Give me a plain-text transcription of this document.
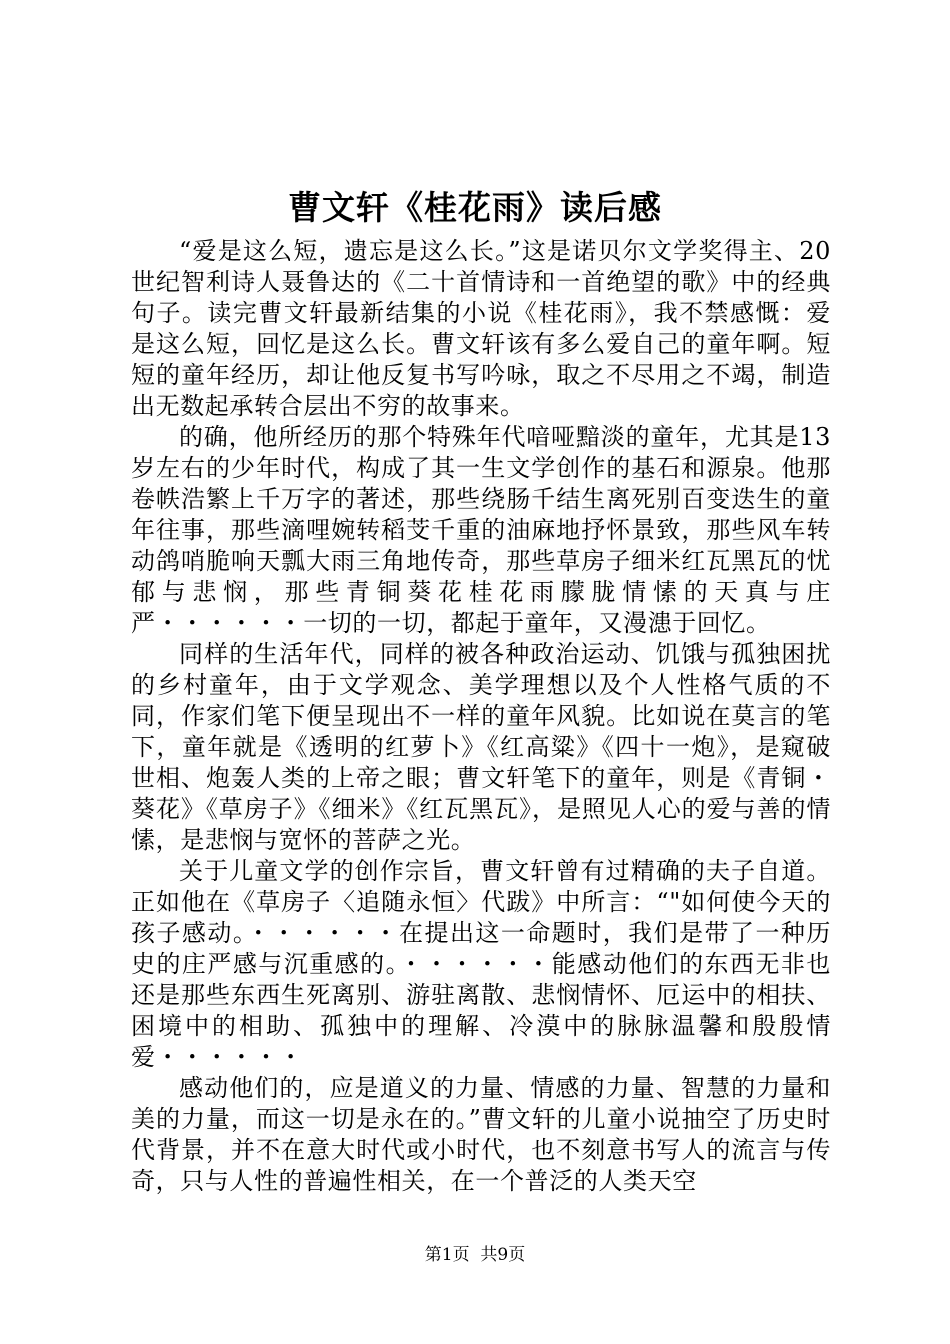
曹文轩《桂花雨》读后感

“爱是这么短，遗忘是这么长。”这是诺贝尔文学奖得主、20世纪智利诗人聂鲁达的《二十首情诗和一首绝望的歌》中的经典句子。读完曹文轩最新结集的小说《桂花雨》，我不禁感慨：爱是这么短，回忆是这么长。曹文轩该有多么爱自己的童年啊。短短的童年经历，却让他反复书写吟咏，取之不尽用之不竭，制造出无数起承转合层出不穷的故事来。

的确，他所经历的那个特殊年代喑哑黯淡的童年，尤其是13岁左右的少年时代，构成了其一生文学创作的基石和源泉。他那卷帙浩繁上千万字的著述，那些绕肠千结生离死别百变迭生的童年往事，那些滴哩婉转稻芠千重的油麻地抒怀景致，那些风车转动鸽哨脆响天瓢大雨三角地传奇，那些草房子细米红瓦黑瓦的忧郁与悲悯，那些青铜葵花桂花雨朦胧情愫的天真与庄严・・・・・・一切的一切，都起于童年，又漫漶于回忆。

同样的生活年代，同样的被各种政治运动、饥饿与孤独困扰的乡村童年，由于文学观念、美学理想以及个人性格气质的不同，作家们笔下便呈现出不一样的童年风貌。比如说在莫言的笔下，童年就是《透明的红萝卜》《红高粱》《四十一炮》，是窥破世相、炮轰人类的上帝之眼；曹文轩笔下的童年，则是《青铜・葵花》《草房子》《细米》《红瓦黑瓦》，是照见人心的爱与善的情愫，是悲悯与宽怀的菩萨之光。

关于儿童文学的创作宗旨，曹文轩曾有过精确的夫子自道。正如他在《草房子〈追随永恒〉代跋》中所言：“"如何使今天的孩子感动。・・・・・・在提出这一命题时，我们是带了一种历史的庄严感与沉重感的。・・・・・・能感动他们的东西无非也还是那些东西生死离别、游驻离散、悲悯情怀、厄运中的相扶、困境中的相助、孤独中的理解、冷漠中的脉脉温馨和殷殷情爱・・・・・・

感动他们的，应是道义的力量、情感的力量、智慧的力量和美的力量，而这一切是永在的。”曹文轩的儿童小说抽空了历史时代背景，并不在意大时代或小时代，也不刻意书写人的流言与传奇，只与人性的普遍性相关，在一个普泛的人类天空

第1页 共9页
